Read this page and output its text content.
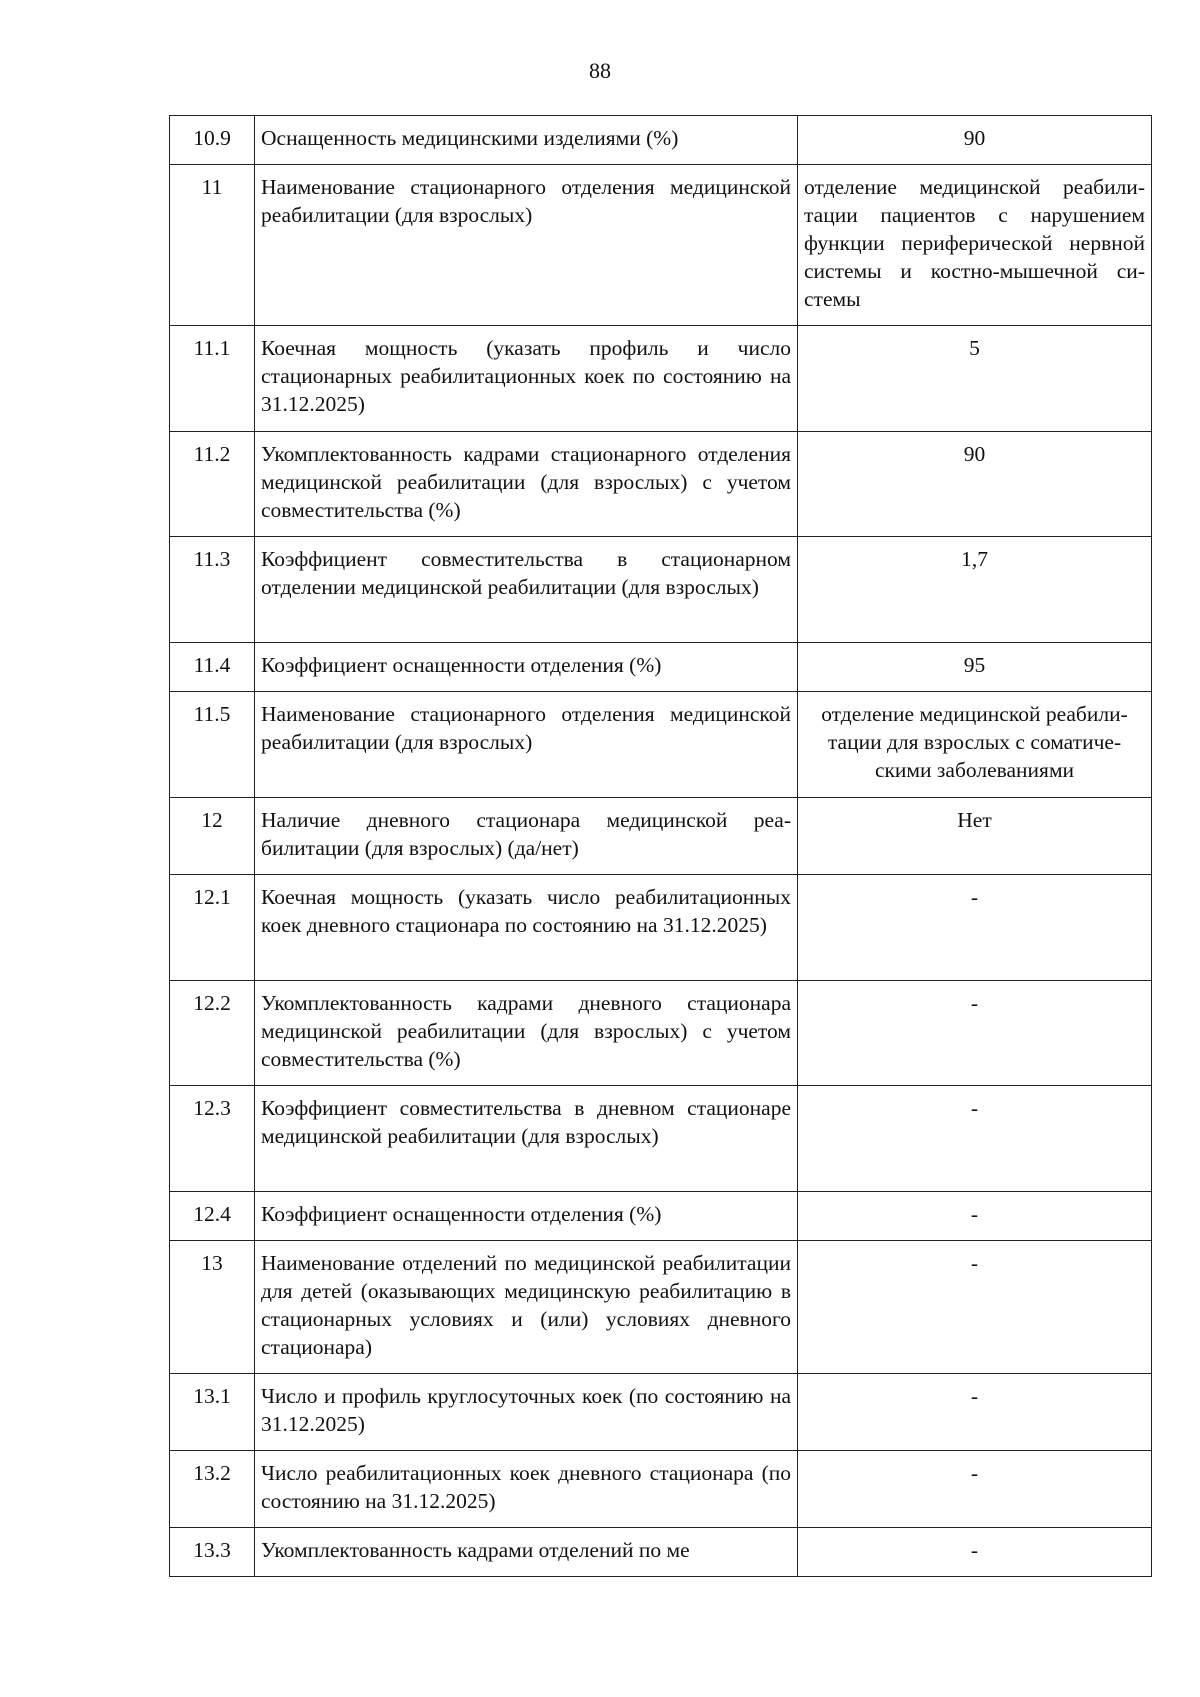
88
10.9	Оснащенность медицинскими изделиями (%)	90
11	Наименование стационарного отделения медицинской реабилитации (для взрослых)	отделение медицинской реабилитации пациентов с нарушением функции периферической нервной системы и костно-мышечной системы
11.1	Коечная мощность (указать профиль и число стационарных реабилитационных коек по состоянию на 31.12.2025)	5
11.2	Укомплектованность кадрами стационарного отделения медицинской реабилитации (для взрослых) с учетом совместительства (%)	90
11.3	Коэффициент совместительства в стационарном отделении медицинской реабилитации (для взрослых)	1,7
11.4	Коэффициент оснащенности отделения (%)	95
11.5	Наименование стационарного отделения медицинской реабилитации (для взрослых)	отделение медицинской реабилитации для взрослых с соматическими заболеваниями
12	Наличие дневного стационара медицинской реабилитации (для взрослых) (да/нет)	Нет
12.1	Коечная мощность (указать число реабилитационных коек дневного стационара по состоянию на 31.12.2025)	-
12.2	Укомплектованность кадрами дневного стационара медицинской реабилитации (для взрослых) с учетом совместительства (%)	-
12.3	Коэффициент совместительства в дневном стационаре медицинской реабилитации (для взрослых)	-
12.4	Коэффициент оснащенности отделения (%)	-
13	Наименование отделений по медицинской реабилитации для детей (оказывающих медицинскую реабилитацию в стационарных условиях и (или) условиях дневного стационара)	-
13.1	Число и профиль круглосуточных коек (по состоянию на 31.12.2025)	-
13.2	Число реабилитационных коек дневного стационара (по состоянию на 31.12.2025)	-
13.3	Укомплектованность кадрами отделений по ме	-
